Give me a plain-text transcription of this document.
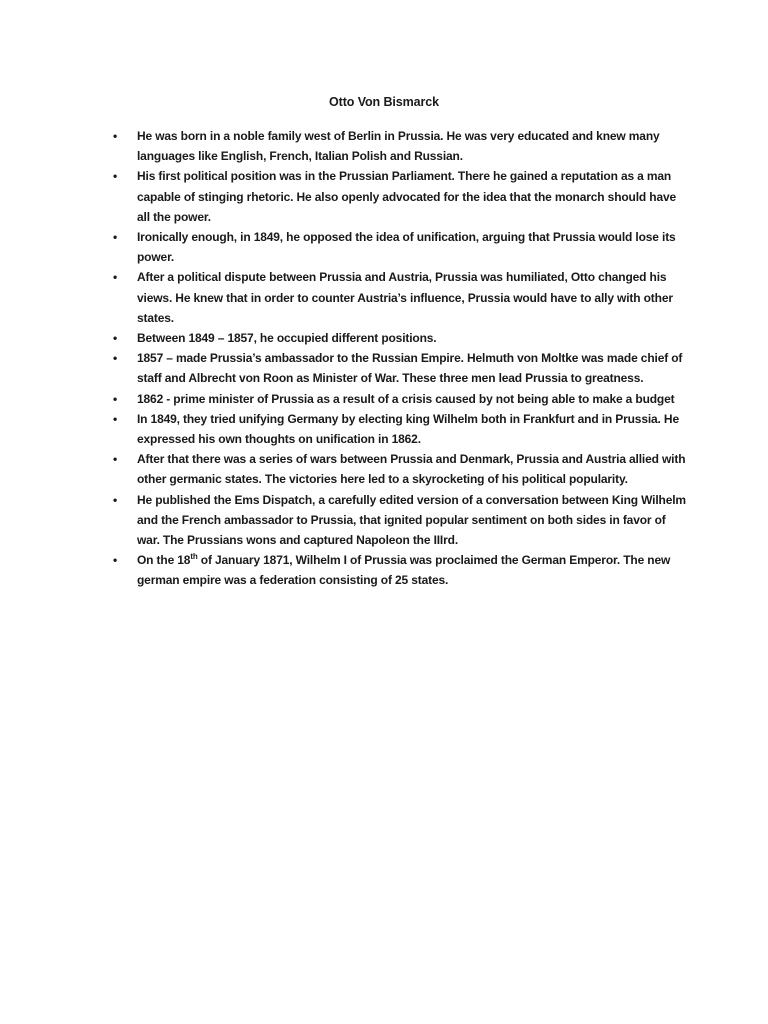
Otto Von Bismarck
• He was born in a noble family west of Berlin in Prussia. He was very educated and knew many languages like English, French, Italian Polish and Russian.
• His first political position was in the Prussian Parliament. There he gained a reputation as a man capable of stinging rhetoric. He also openly advocated for the idea that the monarch should have all the power.
• Ironically enough, in 1849, he opposed the idea of unification, arguing that Prussia would lose its power.
• After a political dispute between Prussia and Austria, Prussia was humiliated, Otto changed his views. He knew that in order to counter Austria’s influence, Prussia would have to ally with other states.
• Between 1849 – 1857, he occupied different positions.
• 1857 – made Prussia’s ambassador to the Russian Empire. Helmuth von Moltke was made chief of staff and Albrecht von Roon as Minister of War. These three men lead Prussia to greatness.
• 1862 - prime minister of Prussia as a result of a crisis caused by not being able to make a budget
• In 1849, they tried unifying Germany by electing king Wilhelm both in Frankfurt and in Prussia. He expressed his own thoughts on unification in 1862.
• After that there was a series of wars between Prussia and Denmark, Prussia and Austria allied with other germanic states. The victories here led to a skyrocketing of his political popularity.
• He published the Ems Dispatch, a carefully edited version of a conversation between King Wilhelm and the French ambassador to Prussia, that ignited popular sentiment on both sides in favor of war. The Prussians wons and captured Napoleon the IIIrd.
• On the 18th of January 1871, Wilhelm I of Prussia was proclaimed the German Emperor. The new german empire was a federation consisting of 25 states.
